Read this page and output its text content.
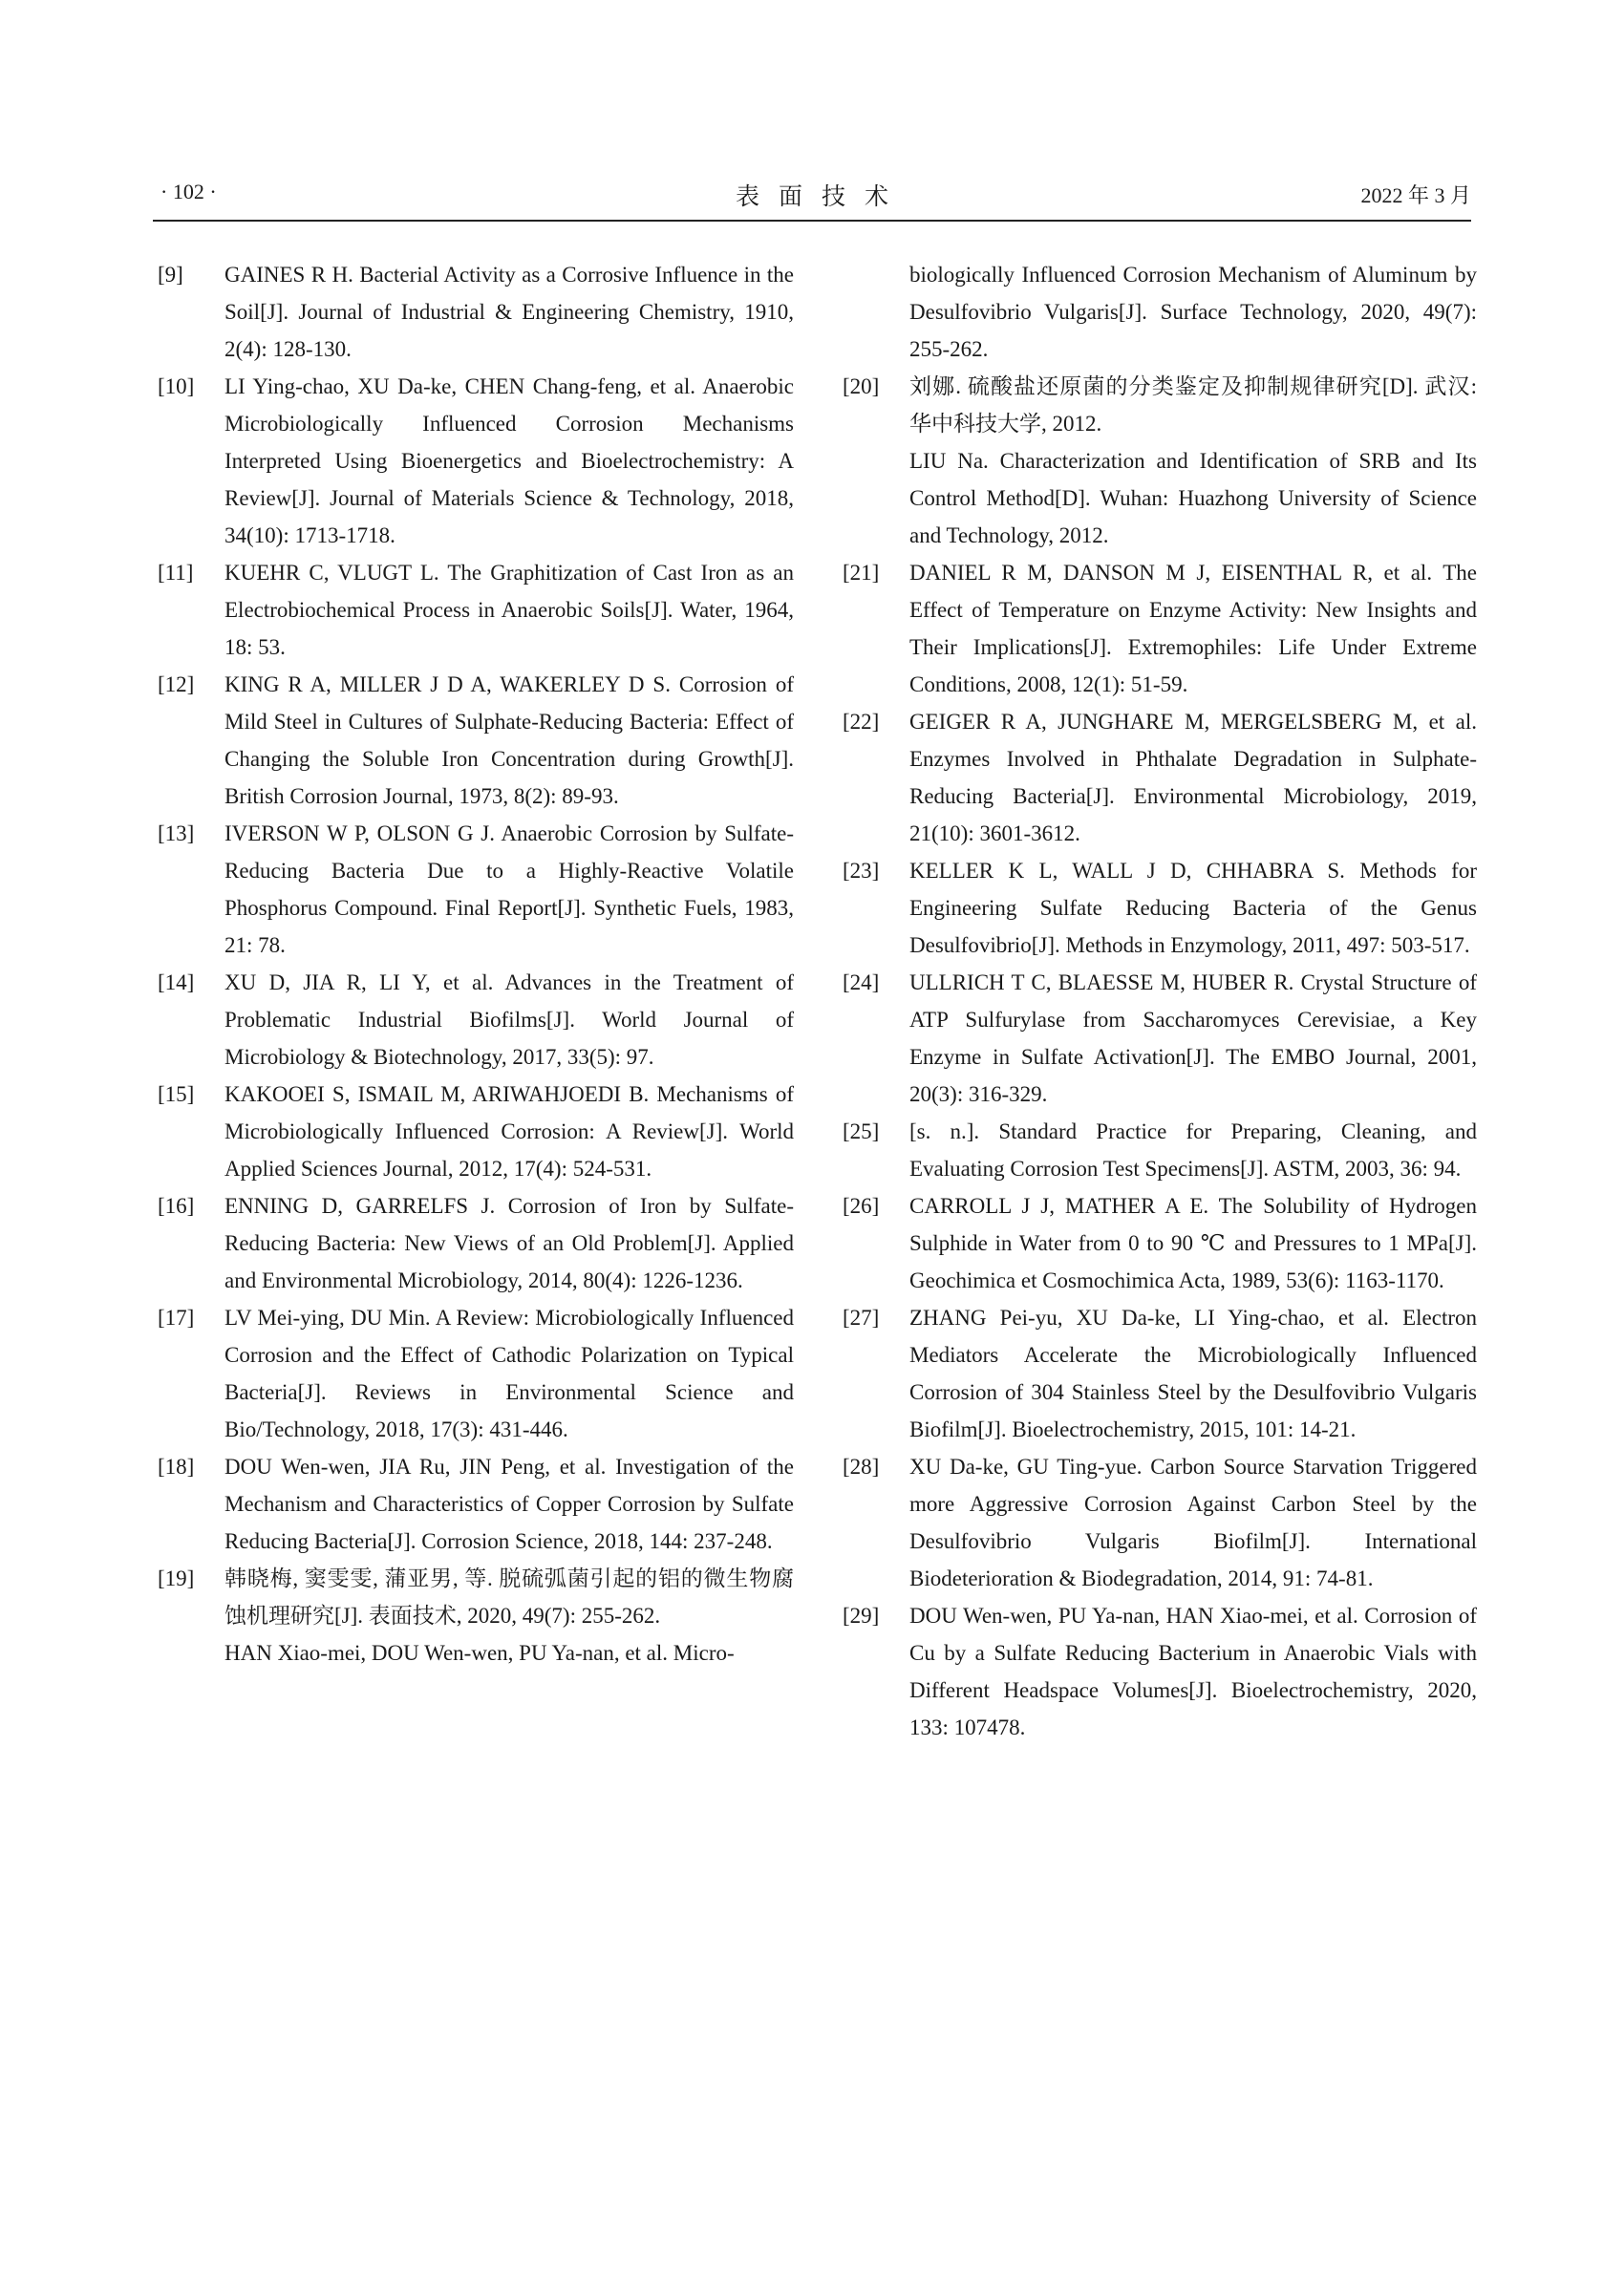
· 102 ·	表面技术	2022 年 3 月
[9]	GAINES R H. Bacterial Activity as a Corrosive Influence in the Soil[J]. Journal of Industrial & Engineering Chemistry, 1910, 2(4): 128-130.

[10]	LI Ying-chao, XU Da-ke, CHEN Chang-feng, et al. Anaerobic Microbiologically Influenced Corrosion Mechanisms Interpreted Using Bioenergetics and Bioelectrochemistry: A Review[J]. Journal of Materials Science & Technology, 2018, 34(10): 1713-1718.

[11]	KUEHR C, VLUGT L. The Graphitization of Cast Iron as an Electrobiochemical Process in Anaerobic Soils[J]. Water, 1964, 18: 53.

[12]	KING R A, MILLER J D A, WAKERLEY D S. Corrosion of Mild Steel in Cultures of Sulphate-Reducing Bacteria: Effect of Changing the Soluble Iron Concentration during Growth[J]. British Corrosion Journal, 1973, 8(2): 89-93.

[13]	IVERSON W P, OLSON G J. Anaerobic Corrosion by Sulfate-Reducing Bacteria Due to a Highly-Reactive Volatile Phosphorus Compound. Final Report[J]. Synthetic Fuels, 1983, 21: 78.

[14]	XU D, JIA R, LI Y, et al. Advances in the Treatment of Problematic Industrial Biofilms[J]. World Journal of Microbiology & Biotechnology, 2017, 33(5): 97.

[15]	KAKOOEI S, ISMAIL M, ARIWAHJOEDI B. Mechanisms of Microbiologically Influenced Corrosion: A Review[J]. World Applied Sciences Journal, 2012, 17(4): 524-531.

[16]	ENNING D, GARRELFS J. Corrosion of Iron by Sulfate-Reducing Bacteria: New Views of an Old Problem[J]. Applied and Environmental Microbiology, 2014, 80(4): 1226-1236.

[17]	LV Mei-ying, DU Min. A Review: Microbiologically Influenced Corrosion and the Effect of Cathodic Polarization on Typical Bacteria[J]. Reviews in Environmental Science and Bio/Technology, 2018, 17(3): 431-446.

[18]	DOU Wen-wen, JIA Ru, JIN Peng, et al. Investigation of the Mechanism and Characteristics of Copper Corrosion by Sulfate Reducing Bacteria[J]. Corrosion Science, 2018, 144: 237-248.

[19]	韩晓梅, 窦雯雯, 蒲亚男, 等. 脱硫弧菌引起的铝的微生物腐蚀机理研究[J]. 表面技术, 2020, 49(7): 255-262.

HAN Xiao-mei, DOU Wen-wen, PU Ya-nan, et al. Micro-

biologically Influenced Corrosion Mechanism of Aluminum by Desulfovibrio Vulgaris[J]. Surface Technology, 2020, 49(7): 255-262.
[20]	刘娜. 硫酸盐还原菌的分类鉴定及抑制规律研究[D]. 武汉: 华中科技大学, 2012.

LIU Na. Characterization and Identification of SRB and Its Control Method[D]. Wuhan: Huazhong University of Science and Technology, 2012.

[21]	DANIEL R M, DANSON M J, EISENTHAL R, et al. The Effect of Temperature on Enzyme Activity: New Insights and Their Implications[J]. Extremophiles: Life Under Extreme Conditions, 2008, 12(1): 51-59.

[22]	GEIGER R A, JUNGHARE M, MERGELSBERG M, et al. Enzymes Involved in Phthalate Degradation in Sulphate-Reducing Bacteria[J]. Environmental Microbiology, 2019, 21(10): 3601-3612.

[23]	KELLER K L, WALL J D, CHHABRA S. Methods for Engineering Sulfate Reducing Bacteria of the Genus Desulfovibrio[J]. Methods in Enzymology, 2011, 497: 503-517.

[24]	ULLRICH T C, BLAESSE M, HUBER R. Crystal Structure of ATP Sulfurylase from Saccharomyces Cerevisiae, a Key Enzyme in Sulfate Activation[J]. The EMBO Journal, 2001, 20(3): 316-329.

[25]	[s. n.]. Standard Practice for Preparing, Cleaning, and Evaluating Corrosion Test Specimens[J]. ASTM, 2003, 36: 94.

[26]	CARROLL J J, MATHER A E. The Solubility of Hydrogen Sulphide in Water from 0 to 90 ℃ and Pressures to 1 MPa[J]. Geochimica et Cosmochimica Acta, 1989, 53(6): 1163-1170.

[27]	ZHANG Pei-yu, XU Da-ke, LI Ying-chao, et al. Electron Mediators Accelerate the Microbiologically Influenced Corrosion of 304 Stainless Steel by the Desulfovibrio Vulgaris Biofilm[J]. Bioelectrochemistry, 2015, 101: 14-21.

[28]	XU Da-ke, GU Ting-yue. Carbon Source Starvation Triggered more Aggressive Corrosion Against Carbon Steel by the Desulfovibrio Vulgaris Biofilm[J]. International Biodeterioration & Biodegradation, 2014, 91: 74-81.

[29]	DOU Wen-wen, PU Ya-nan, HAN Xiao-mei, et al. Corrosion of Cu by a Sulfate Reducing Bacterium in Anaerobic Vials with Different Headspace Volumes[J]. Bioelectrochemistry, 2020, 133: 107478.
